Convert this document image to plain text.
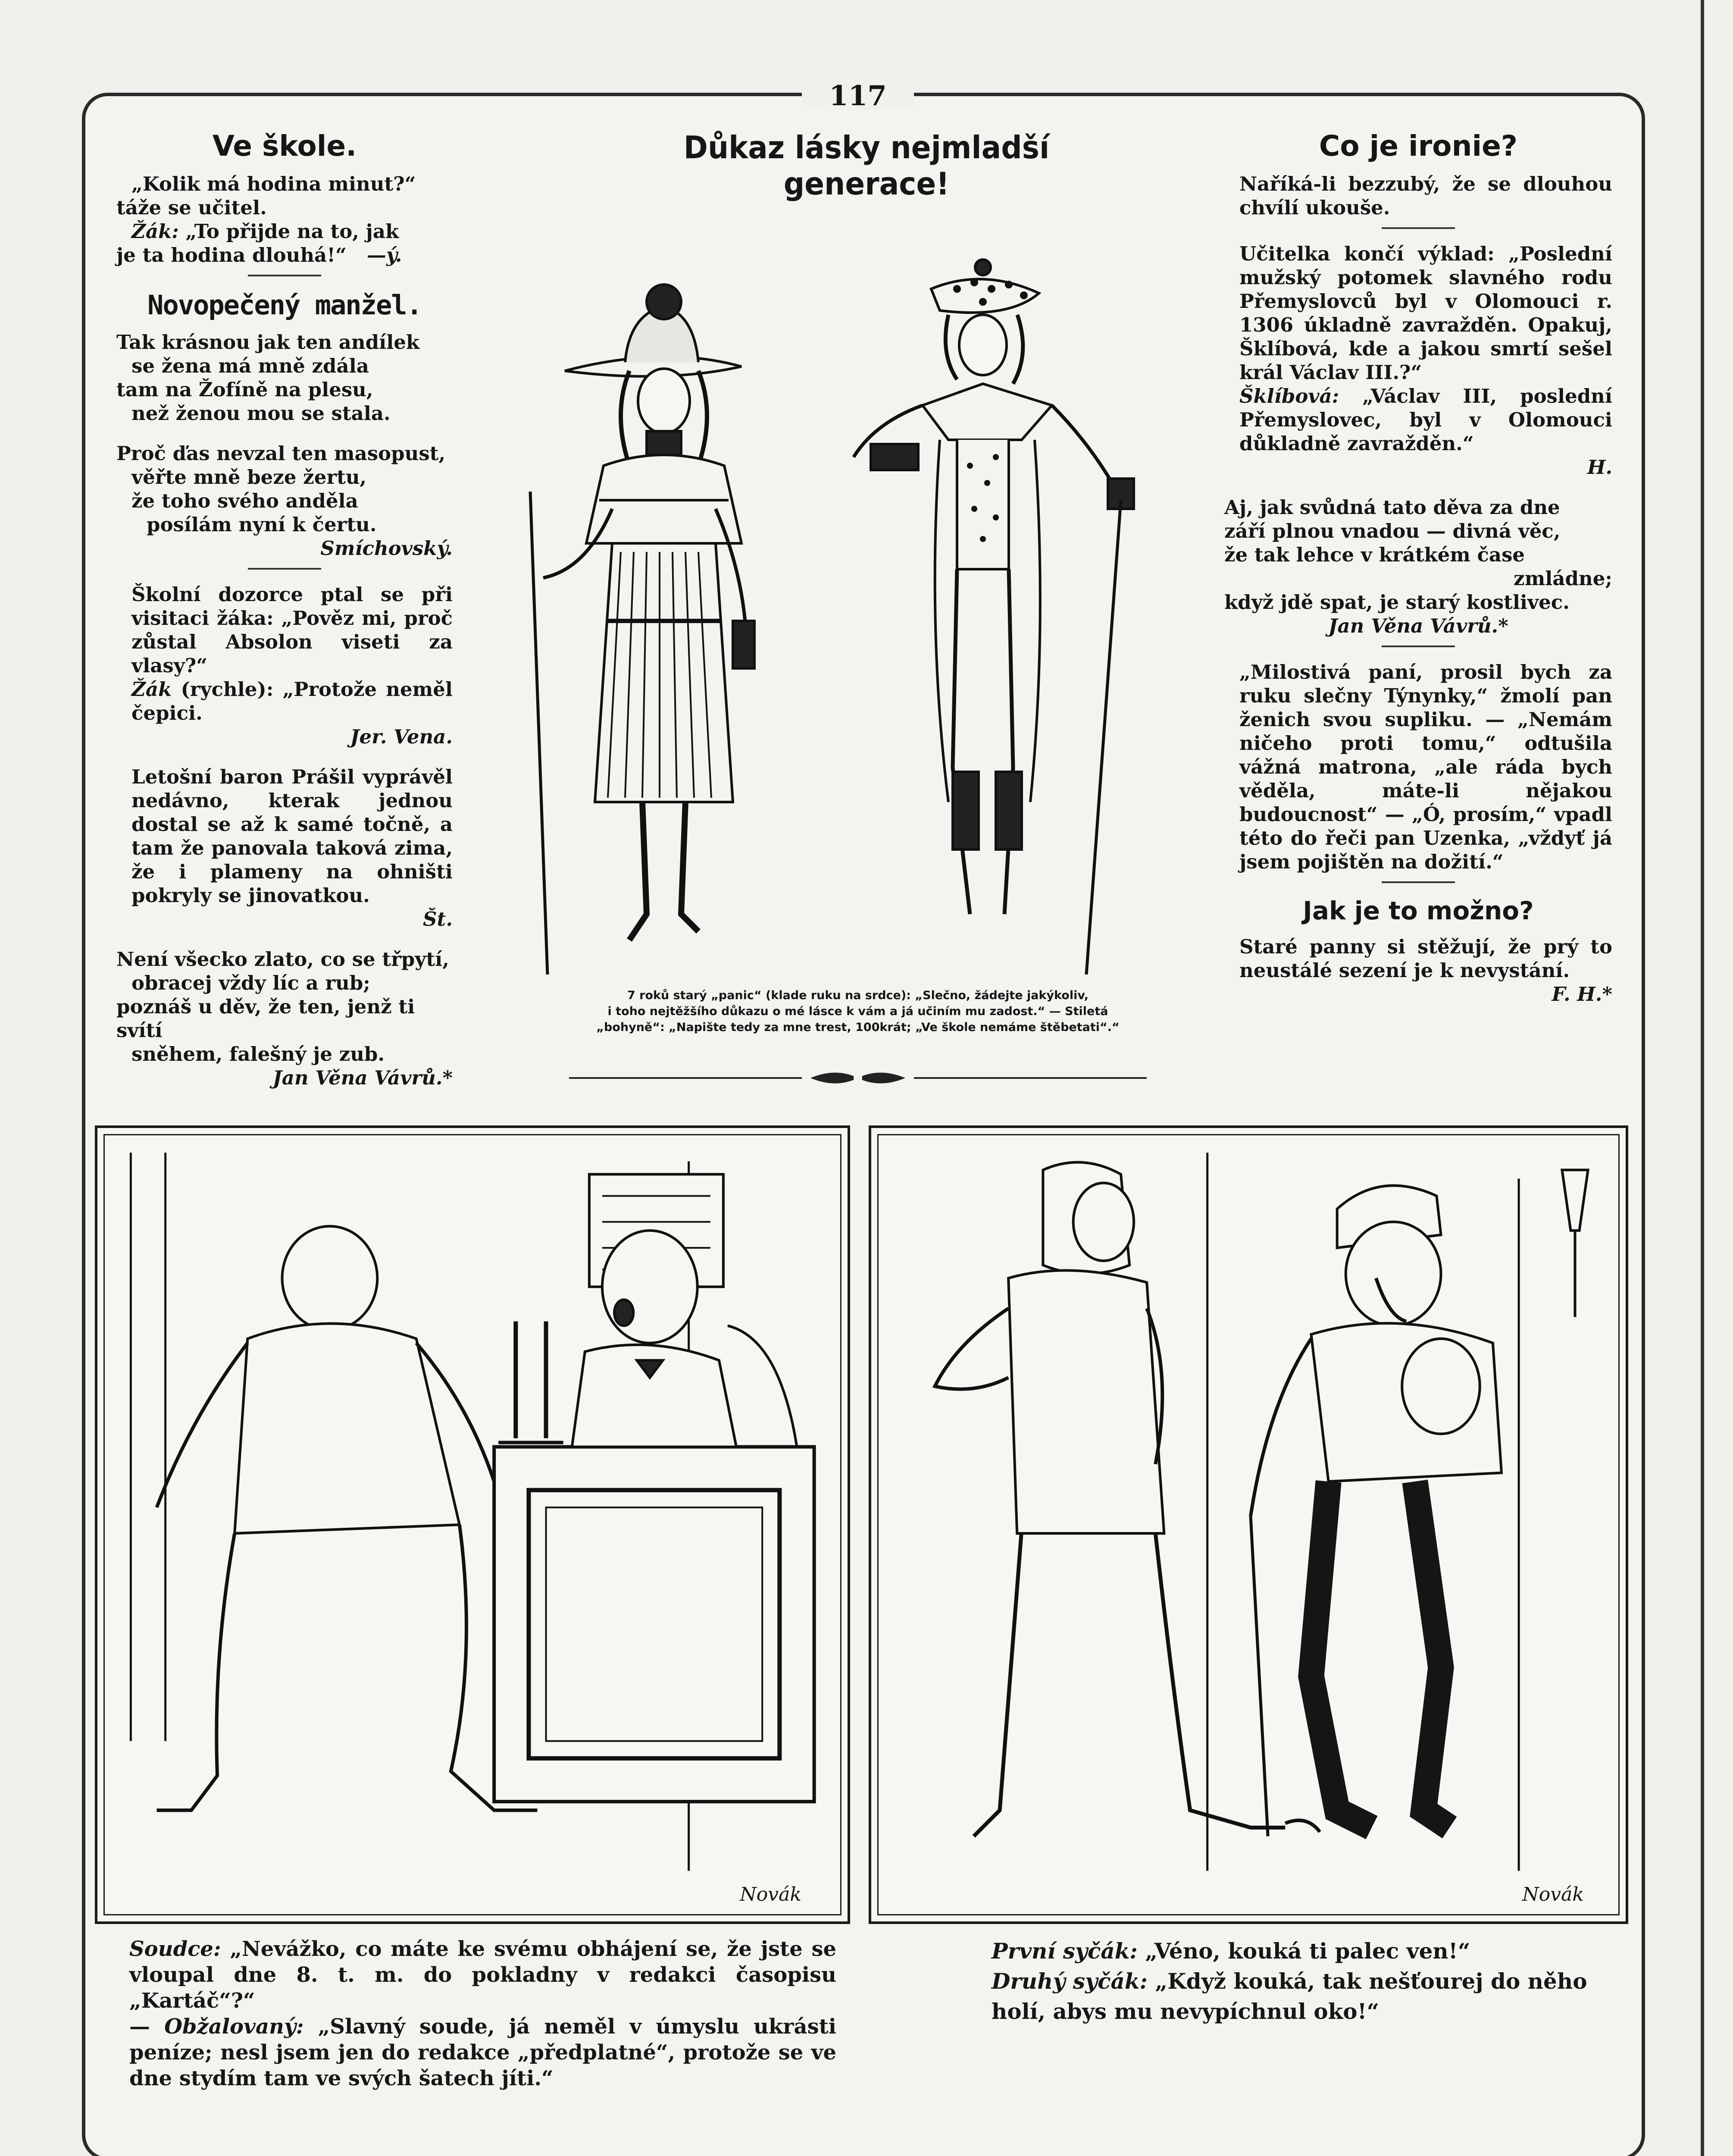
117
Ve škole.

„Kolik má hodina minut?“

táže se učitel.

Žák: „To přijde na to, jak

je ta hodina dlouhá!“ —ý.

Novopečený manžel.

Tak krásnou jak ten andílek

se žena má mně zdála

tam na Žofíně na plesu,

než ženou mou se stala.

Proč ďas nevzal ten masopust,

věřte mně beze žertu,

že toho svého anděla

posílám nyní k čertu.

Smíchovský.

Školní dozorce ptal se při visitaci žáka: „Pověz mi, proč zůstal Absolon viseti za vlasy?“

Žák (rychle): „Protože neměl čepici.

Jer. Vena.

Letošní baron Prášil vyprávěl nedávno, kterak jednou dostal se až k samé točně, a tam že panovala taková zima, že i plameny na ohništi pokryly se jinovatkou.

Št.

Není všecko zlato, co se třpytí,

obracej vždy líc a rub;

poznáš u děv, že ten, jenž ti svítí

sněhem, falešný je zub.

Jan Věna Vávrů.*

Důkaz lásky nejmladší generace!
7 roků starý „panic“ (klade ruku na srdce): „Slečno, žádejte jakýkoliv,
i toho nejtěžšího důkazu o mé lásce k vám a já učiním mu zadost.“ — Stiletá
„bohyně“: „Napište tedy za mne trest, 100krát; „Ve škole nemáme štěbetati“.“
Co je ironie?

Naříká-li bezzubý, že se dlouhou chvílí ukouše.

Učitelka končí výklad: „Poslední mužský potomek slavného rodu Přemyslovců byl v Olomouci r. 1306 úkladně zavražděn. Opakuj, Šklíbová, kde a jakou smrtí sešel král Václav III.?“

Šklíbová: „Václav III, poslední Přemyslovec, byl v Olomouci důkladně zavražděn.“

H.

Aj, jak svůdná tato děva za dne

září plnou vnadou — divná věc,

že tak lehce v krátkém čase

zmládne;

když jdě spat, je starý kostlivec.

Jan Věna Vávrů.*

„Milostivá paní, prosil bych za ruku slečny Týnynky,“ žmolí pan ženich svou supliku. — „Nemám ničeho proti tomu,“ odtušila vážná matrona, „ale ráda bych věděla, máte-li nějakou budoucnost“ — „Ó, prosím,“ vpadl této do řeči pan Uzenka, „vždyť já jsem pojištěn na dožití.“

Jak je to možno?

Staré panny si stěžují, že prý to neustálé sezení je k nevystání.

F. H.*

Novák	Novák
Soudce: „Nevážko, co máte ke svému obhájení se, že jste se vloupal dne 8. t. m. do pokladny v redakci časopisu „Kartáč“?“
— Obžalovaný: „Slavný soude, já neměl v úmyslu ukrásti peníze; nesl jsem jen do redakce „předplatné“, protože se ve dne stydím tam ve svých šatech jíti.“
První syčák: „Véno, kouká ti palec ven!“
Druhý syčák: „Když kouká, tak nešťourej do něho holí, abys mu nevypíchnul oko!“
